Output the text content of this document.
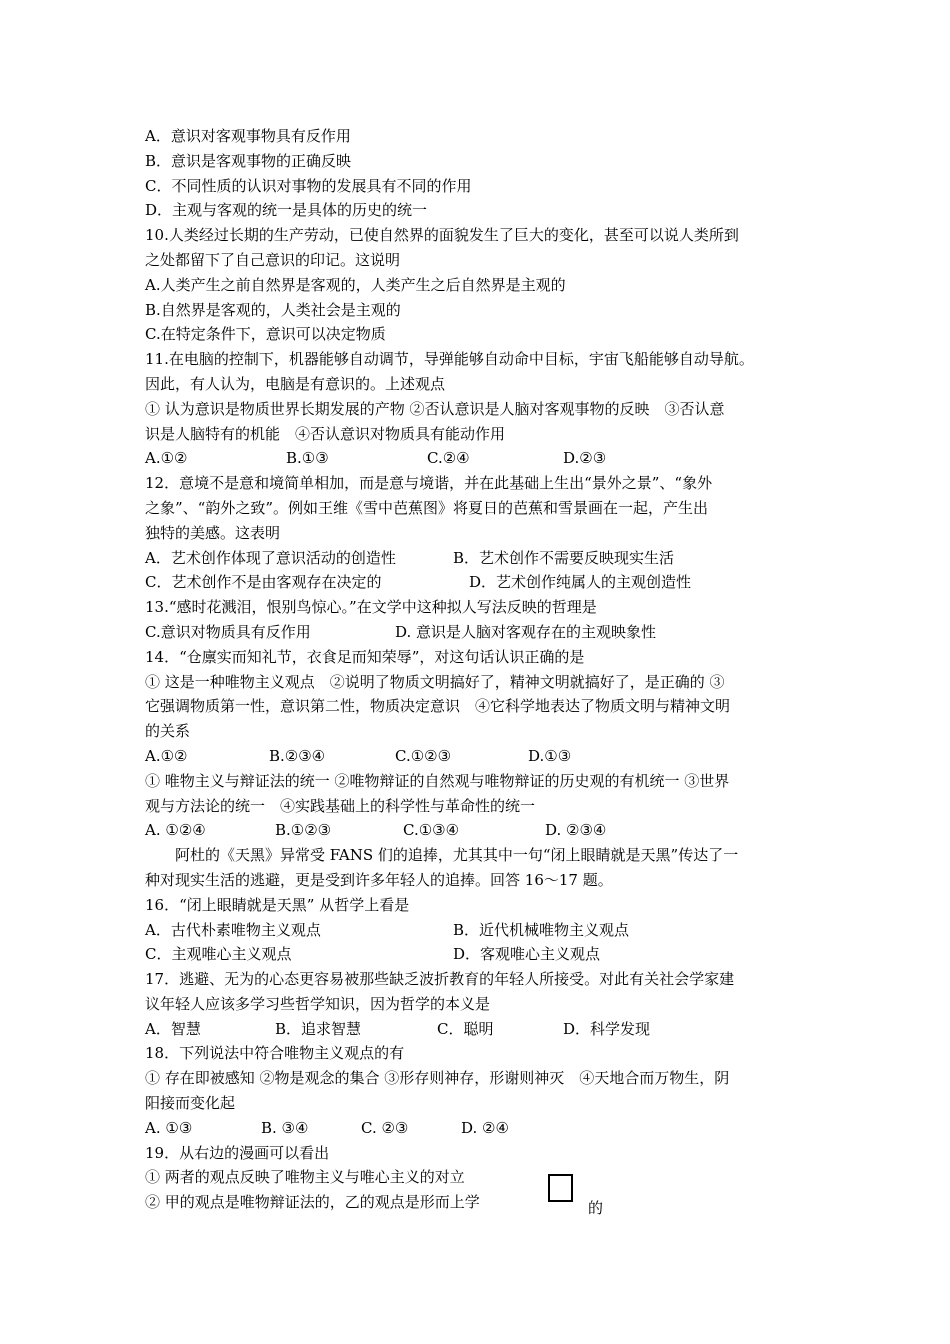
A．意识对客观事物具有反作用
B．意识是客观事物的正确反映
C．不同性质的认识对事物的发展具有不同的作用
D．主观与客观的统一是具体的历史的统一
10.人类经过长期的生产劳动，已使自然界的面貌发生了巨大的变化，甚至可以说人类所到
之处都留下了自己意识的印记。这说明
A.人类产生之前自然界是客观的，人类产生之后自然界是主观的
B.自然界是客观的，人类社会是主观的
C.在特定条件下，意识可以决定物质
11.在电脑的控制下，机器能够自动调节，导弹能够自动命中目标，宇宙飞船能够自动导航。
因此，有人认为，电脑是有意识的。上述观点
① 认为意识是物质世界长期发展的产物 ②否认意识是人脑对客观事物的反映　③否认意
识是人脑特有的机能　④否认意识对物质具有能动作用
A.①②	B.①③	C.②④	D.②③
12．意境不是意和境简单相加，而是意与境谐，并在此基础上生出“景外之景”、“象外
之象”、“韵外之致”。例如王维《雪中芭蕉图》将夏日的芭蕉和雪景画在一起，产生出
独特的美感。这表明
A．艺术创作体现了意识活动的创造性	B．艺术创作不需要反映现实生活
C．艺术创作不是由客观存在决定的	D．艺术创作纯属人的主观创造性
13.“感时花溅泪，恨别鸟惊心。”在文学中这种拟人写法反映的哲理是
C.意识对物质具有反作用	D. 意识是人脑对客观存在的主观映象性
14．“仓廪实而知礼节，衣食足而知荣辱”，对这句话认识正确的是
① 这是一种唯物主义观点　②说明了物质文明搞好了，精神文明就搞好了，是正确的 ③
它强调物质第一性，意识第二性，物质决定意识　④它科学地表达了物质文明与精神文明
的关系
A.①②	B.②③④	C.①②③	D.①③
① 唯物主义与辩证法的统一 ②唯物辩证的自然观与唯物辩证的历史观的有机统一 ③世界
观与方法论的统一　④实践基础上的科学性与革命性的统一
A. ①②④	B.①②③	C.①③④	D. ②③④
阿杜的《天黑》异常受 FANS 们的追捧，尤其其中一句“闭上眼睛就是天黑”传达了一
种对现实生活的逃避，更是受到许多年轻人的追捧。回答 16～17 题。
16．“闭上眼睛就是天黑” 从哲学上看是
A．古代朴素唯物主义观点	B．近代机械唯物主义观点
C．主观唯心主义观点	D．客观唯心主义观点
17．逃避、无为的心态更容易被那些缺乏波折教育的年轻人所接受。对此有关社会学家建
议年轻人应该多学习些哲学知识，因为哲学的本义是
A．智慧	B．追求智慧	C．聪明	D．科学发现
18．下列说法中符合唯物主义观点的有
① 存在即被感知 ②物是观念的集合 ③形存则神存，形谢则神灭　④天地合而万物生，阴
阳接而变化起
A. ①③	B. ③④	C. ②③	D. ②④
19．从右边的漫画可以看出
① 两者的观点反映了唯物主义与唯心主义的对立
② 甲的观点是唯物辩证法的，乙的观点是形而上学	的
